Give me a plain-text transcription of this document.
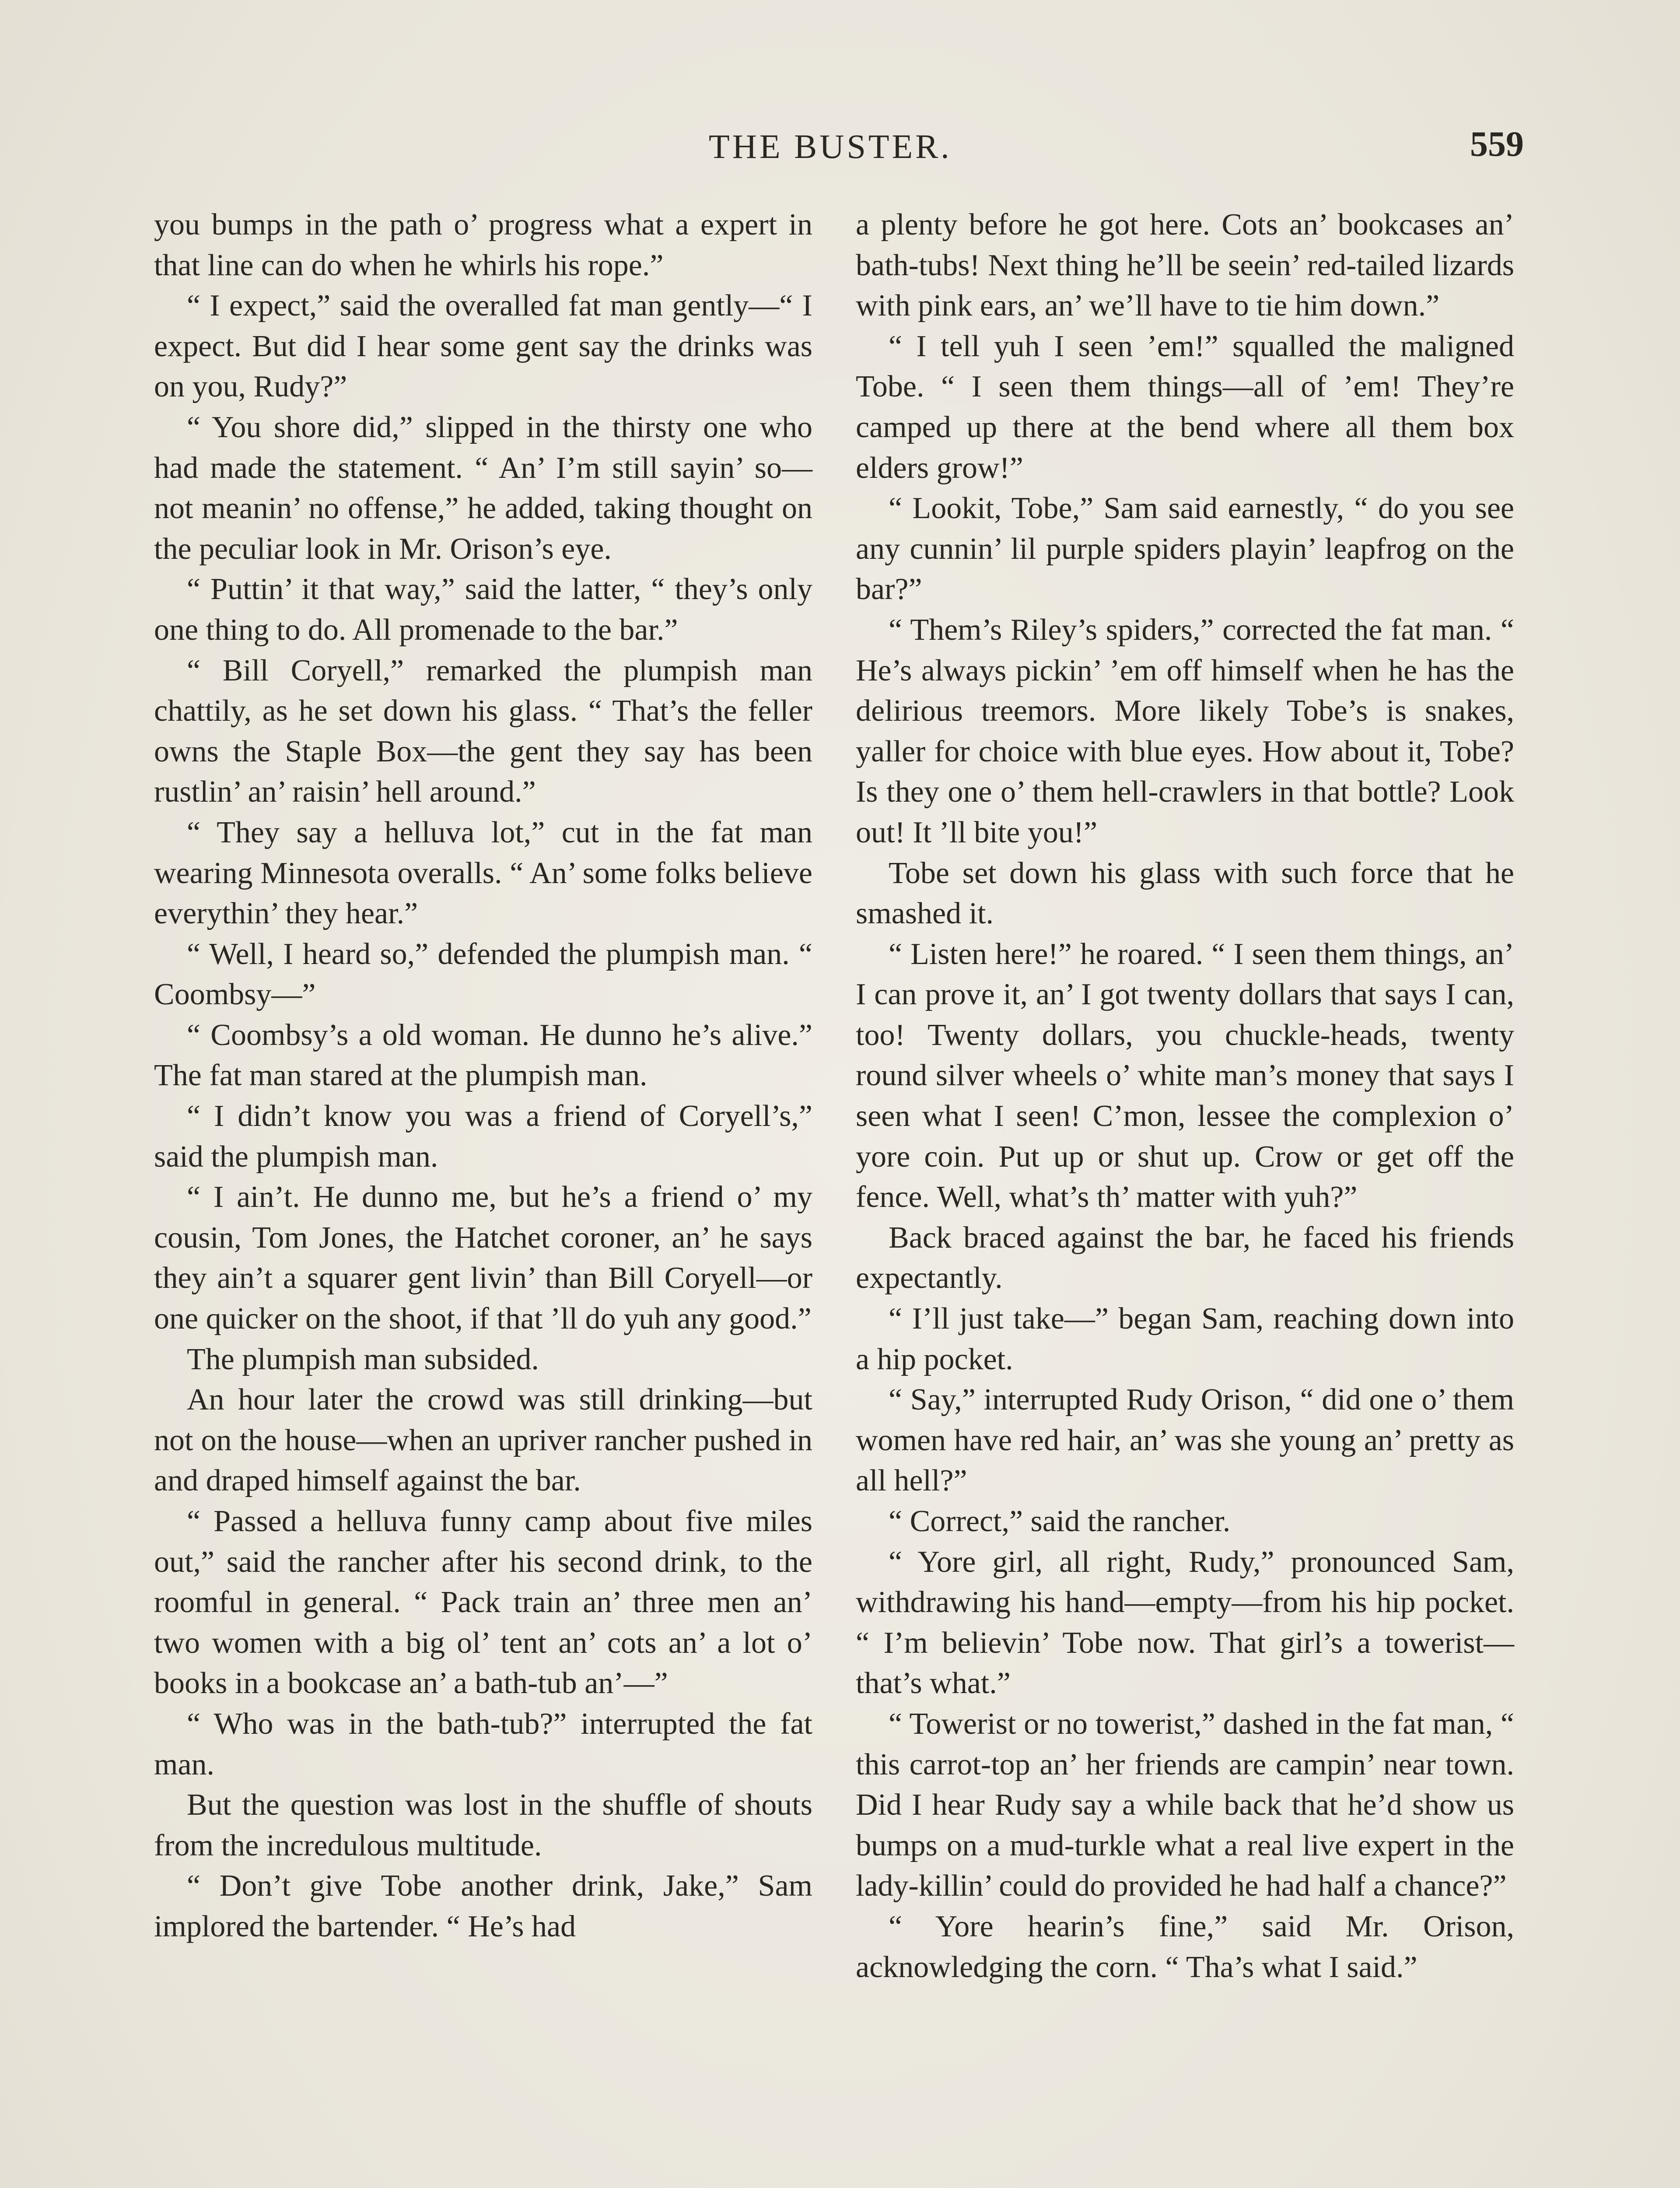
THE BUSTER.	559

you bumps in the path o’ progress what a expert in that line can do when he whirls his rope.”

“ I expect,” said the overalled fat man gently—“ I expect. But did I hear some gent say the drinks was on you, Rudy?”

“ You shore did,” slipped in the thirsty one who had made the statement. “ An’ I’m still sayin’ so—not meanin’ no offense,” he added, taking thought on the peculiar look in Mr. Orison’s eye.

“ Puttin’ it that way,” said the latter, “ they’s only one thing to do. All promenade to the bar.”

“ Bill Coryell,” remarked the plumpish man chattily, as he set down his glass. “ That’s the feller owns the Staple Box—the gent they say has been rustlin’ an’ raisin’ hell around.”

“ They say a helluva lot,” cut in the fat man wearing Minnesota overalls. “ An’ some folks believe everythin’ they hear.”

“ Well, I heard so,” defended the plumpish man. “ Coombsy—”

“ Coombsy’s a old woman. He dunno he’s alive.” The fat man stared at the plumpish man.

“ I didn’t know you was a friend of Coryell’s,” said the plumpish man.

“ I ain’t. He dunno me, but he’s a friend o’ my cousin, Tom Jones, the Hatchet coroner, an’ he says they ain’t a squarer gent livin’ than Bill Coryell—or one quicker on the shoot, if that ’ll do yuh any good.”

The plumpish man subsided.

An hour later the crowd was still drinking—but not on the house—when an upriver rancher pushed in and draped himself against the bar.

“ Passed a helluva funny camp about five miles out,” said the rancher after his second drink, to the roomful in general. “ Pack train an’ three men an’ two women with a big ol’ tent an’ cots an’ a lot o’ books in a bookcase an’ a bath-tub an’—”

“ Who was in the bath-tub?” interrupted the fat man.

But the question was lost in the shuffle of shouts from the incredulous multitude.

“ Don’t give Tobe another drink, Jake,” Sam implored the bartender. “ He’s had

a plenty before he got here. Cots an’ bookcases an’ bath-tubs! Next thing he’ll be seein’ red-tailed lizards with pink ears, an’ we’ll have to tie him down.”

“ I tell yuh I seen ’em!” squalled the maligned Tobe. “ I seen them things—all of ’em! They’re camped up there at the bend where all them box elders grow!”

“ Lookit, Tobe,” Sam said earnestly, “ do you see any cunnin’ lil purple spiders playin’ leapfrog on the bar?”

“ Them’s Riley’s spiders,” corrected the fat man. “ He’s always pickin’ ’em off himself when he has the delirious treemors. More likely Tobe’s is snakes, yaller for choice with blue eyes. How about it, Tobe? Is they one o’ them hell-crawlers in that bottle? Look out! It ’ll bite you!”

Tobe set down his glass with such force that he smashed it.

“ Listen here!” he roared. “ I seen them things, an’ I can prove it, an’ I got twenty dollars that says I can, too! Twenty dollars, you chuckle-heads, twenty round silver wheels o’ white man’s money that says I seen what I seen! C’mon, lessee the complexion o’ yore coin. Put up or shut up. Crow or get off the fence. Well, what’s th’ matter with yuh?”

Back braced against the bar, he faced his friends expectantly.

“ I’ll just take—” began Sam, reaching down into a hip pocket.

“ Say,” interrupted Rudy Orison, “ did one o’ them women have red hair, an’ was she young an’ pretty as all hell?”

“ Correct,” said the rancher.

“ Yore girl, all right, Rudy,” pronounced Sam, withdrawing his hand—empty—from his hip pocket. “ I’m believin’ Tobe now. That girl’s a towerist—that’s what.”

“ Towerist or no towerist,” dashed in the fat man, “ this carrot-top an’ her friends are campin’ near town. Did I hear Rudy say a while back that he’d show us bumps on a mud-turkle what a real live expert in the lady-killin’ could do provided he had half a chance?”

“ Yore hearin’s fine,” said Mr. Orison, acknowledging the corn. “ Tha’s what I said.”
